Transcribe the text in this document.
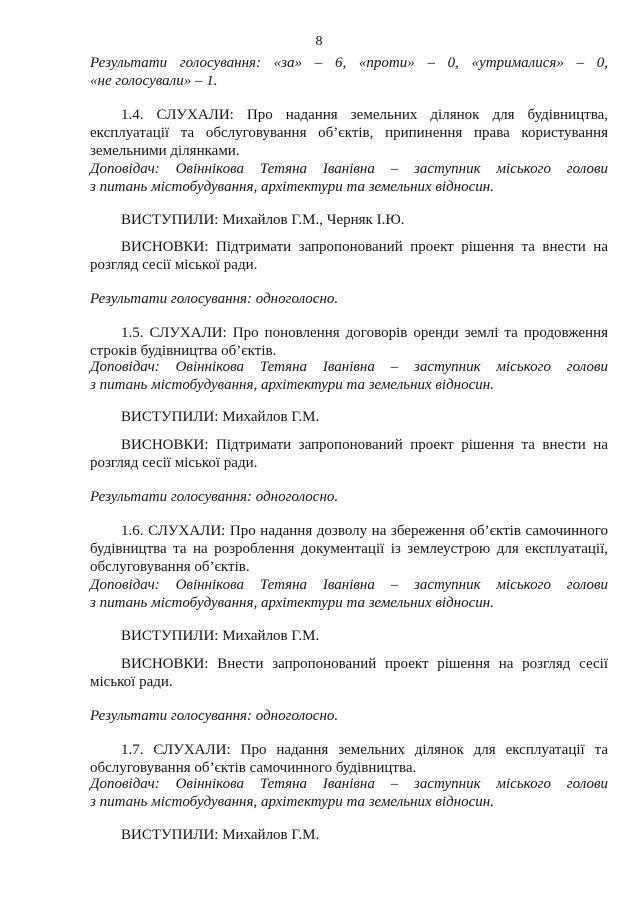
8
Результати голосування: «за» – 6, «проти» – 0, «утрималися» – 0,
«не голосували» – 1.
1.4. СЛУХАЛИ: Про надання земельних ділянок для будівництва,
експлуатації та обслуговування об’єктів, припинення права користування
земельними ділянками.
Доповідач: Овіннікова Тетяна Іванівна – заступник міського голови
з питань містобудування, архітектури та земельних відносин.
ВИСТУПИЛИ: Михайлов Г.М., Черняк І.Ю.
ВИСНОВКИ: Підтримати запропонований проект рішення та внести на
розгляд сесії міської ради.
Результати голосування: одноголосно.
1.5. СЛУХАЛИ: Про поновлення договорів оренди землі та продовження
строків будівництва об’єктів.
Доповідач: Овіннікова Тетяна Іванівна – заступник міського голови
з питань містобудування, архітектури та земельних відносин.
ВИСТУПИЛИ: Михайлов Г.М.
ВИСНОВКИ: Підтримати запропонований проект рішення та внести на
розгляд сесії міської ради.
Результати голосування: одноголосно.
1.6. СЛУХАЛИ: Про надання дозволу на збереження об’єктів самочинного
будівництва та на розроблення документації із землеустрою для експлуатації,
обслуговування об’єктів.
Доповідач: Овіннікова Тетяна Іванівна – заступник міського голови
з питань містобудування, архітектури та земельних відносин.
ВИСТУПИЛИ: Михайлов Г.М.
ВИСНОВКИ: Внести запропонований проект рішення на розгляд сесії
міської ради.
Результати голосування: одноголосно.
1.7. СЛУХАЛИ: Про надання земельних ділянок для експлуатації та
обслуговування об’єктів самочинного будівництва.
Доповідач: Овіннікова Тетяна Іванівна – заступник міського голови
з питань містобудування, архітектури та земельних відносин.
ВИСТУПИЛИ: Михайлов Г.М.
